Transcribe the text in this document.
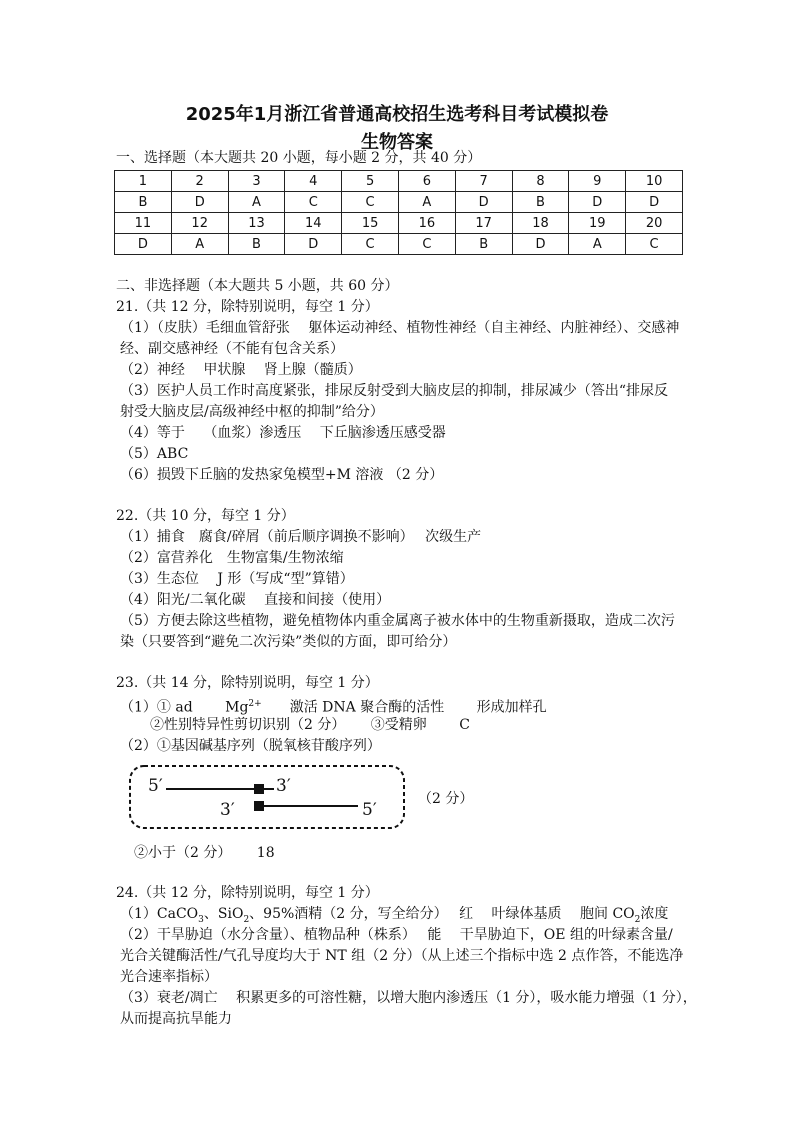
2025年1月浙江省普通高校招生选考科目考试模拟卷
生物答案
一、选择题（本大题共 20 小题，每小题 2 分，共 40 分）
1	2	3	4	5	6	7	8	9	10
B	D	A	C	C	A	D	B	D	D
11	12	13	14	15	16	17	18	19	20
D	A	B	D	C	C	B	D	A	C
二、非选择题（本大题共 5 小题，共 60 分）
21.（共 12 分，除特别说明，每空 1 分）
（1）（皮肤）毛细血管舒张　 躯体运动神经、植物性神经（自主神经、内脏神经）、交感神
经、副交感神经（不能有包含关系）
（2）神经　 甲状腺　 肾上腺（髓质）
（3）医护人员工作时高度紧张，排尿反射受到大脑皮层的抑制，排尿减少（答出“排尿反
射受大脑皮层/高级神经中枢的抑制”给分）
（4）等于　 （血浆）渗透压　 下丘脑渗透压感受器
（5）ABC
（6）损毁下丘脑的发热家兔模型+M 溶液 （2 分）
22.（共 10 分，每空 1 分）
（1）捕食　腐食/碎屑（前后顺序调换不影响）　 次级生产
（2）富营养化　生物富集/生物浓缩
（3）生态位　 J 形（写成“型”算错）
（4）阳光/二氧化碳　 直接和间接（使用）
（5）方便去除这些植物，避免植物体内重金属离子被水体中的生物重新摄取，造成二次污
染（只要答到“避免二次污染”类似的方面，即可给分）
23.（共 14 分，除特别说明，每空 1 分）
（1）① ad　　 $Mg^{2+}$　　激活 DNA 聚合酶的活性　　 形成加样孔
②性别特异性剪切识别（2 分）　　 ③受精卵　　 C
（2）①基因碱基序列（脱氧核苷酸序列）
5′	3′
3′	5′
（2 分）
②小于（2 分）　　 18
24.（共 12 分，除特别说明，每空 1 分）
（1）CaCO$_3$、SiO$_2$、95%酒精（2 分，写全给分）　 红　 叶绿体基质　 胞间 $CO_2$浓度
（2）干旱胁迫（水分含量）、植物品种（株系）　 能　 干旱胁迫下，OE 组的叶绿素含量/
光合关键酶活性/气孔导度均大于 NT 组（2 分）（从上述三个指标中选 2 点作答，不能选净
光合速率指标）
（3）衰老/凋亡　 积累更多的可溶性糖，以增大胞内渗透压（1 分），吸水能力增强（1 分），
从而提高抗旱能力
